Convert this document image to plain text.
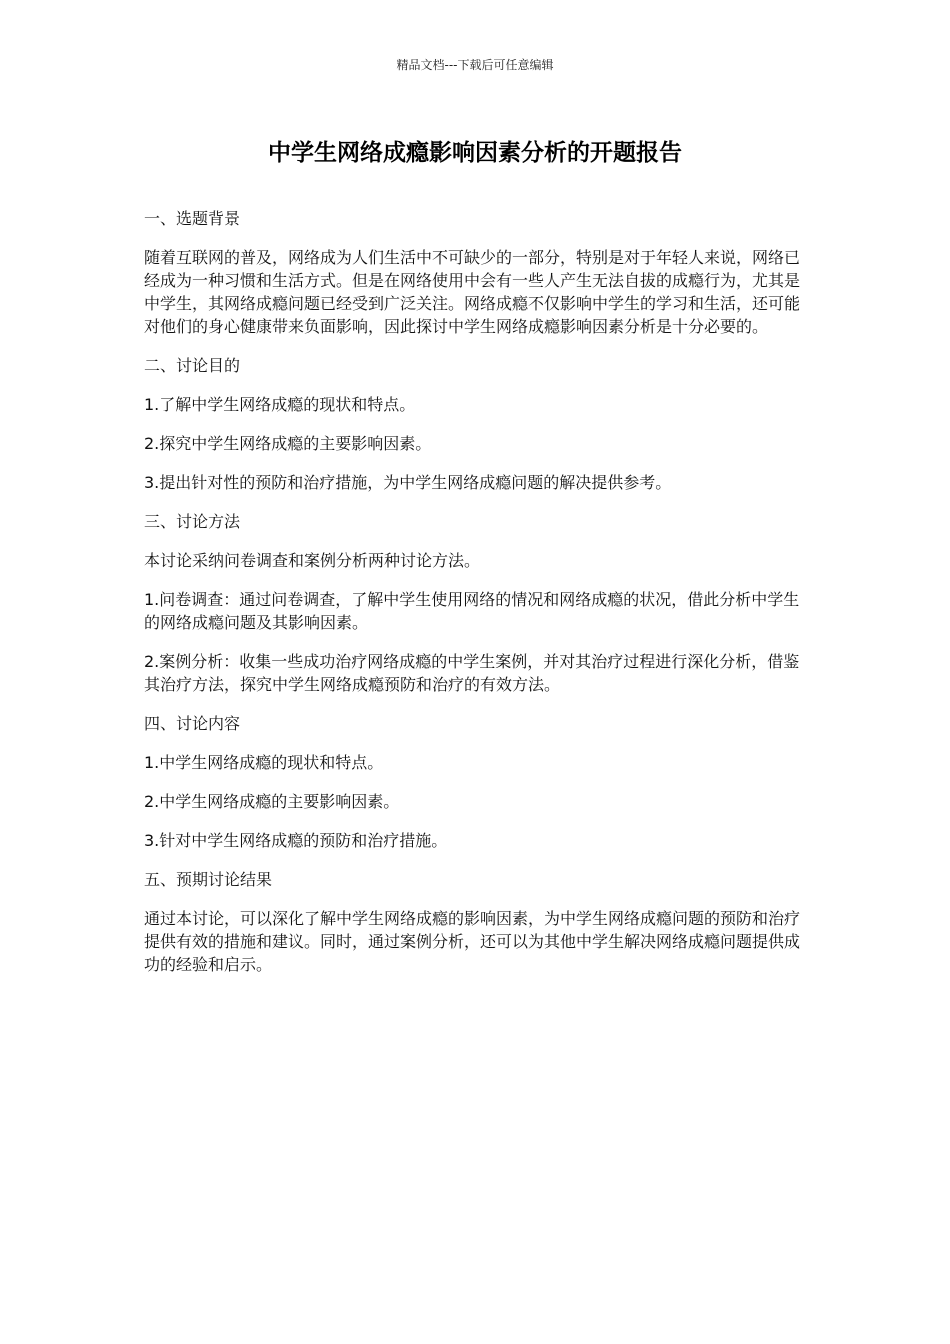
精品文档---下载后可任意编辑
中学生网络成瘾影响因素分析的开题报告

一、选题背景

随着互联网的普及，网络成为人们生活中不可缺少的一部分，特别是对于年轻人来说，网络已经成为一种习惯和生活方式。但是在网络使用中会有一些人产生无法自拔的成瘾行为，尤其是中学生，其网络成瘾问题已经受到广泛关注。网络成瘾不仅影响中学生的学习和生活，还可能对他们的身心健康带来负面影响，因此探讨中学生网络成瘾影响因素分析是十分必要的。

二、讨论目的

1.了解中学生网络成瘾的现状和特点。

2.探究中学生网络成瘾的主要影响因素。

3.提出针对性的预防和治疗措施，为中学生网络成瘾问题的解决提供参考。

三、讨论方法

本讨论采纳问卷调查和案例分析两种讨论方法。

1.问卷调查：通过问卷调查，了解中学生使用网络的情况和网络成瘾的状况，借此分析中学生的网络成瘾问题及其影响因素。

2.案例分析：收集一些成功治疗网络成瘾的中学生案例，并对其治疗过程进行深化分析，借鉴其治疗方法，探究中学生网络成瘾预防和治疗的有效方法。

四、讨论内容

1.中学生网络成瘾的现状和特点。

2.中学生网络成瘾的主要影响因素。

3.针对中学生网络成瘾的预防和治疗措施。

五、预期讨论结果

通过本讨论，可以深化了解中学生网络成瘾的影响因素，为中学生网络成瘾问题的预防和治疗提供有效的措施和建议。同时，通过案例分析，还可以为其他中学生解决网络成瘾问题提供成功的经验和启示。
